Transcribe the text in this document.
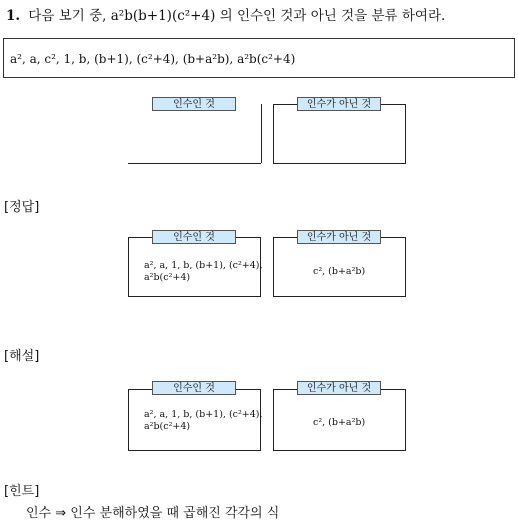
1. 다음 보기 중, a²b(b+1)(c²+4) 의 인수인 것과 아닌 것을 분류 하여라.
a², a, c², 1, b, (b+1), (c²+4), (b+a²b), a²b(c²+4)
인수인 것	인수가 아닌 것
[정답]
인수인 것
a², a, 1, b, (b+1), (c²+4),
a²b(c²+4)
인수가 아닌 것
c², (b+a²b)
[해설]
인수인 것
a², a, 1, b, (b+1), (c²+4),
a²b(c²+4)
인수가 아닌 것
c², (b+a²b)
[힌트]
인수 ⇒ 인수 분해하였을 때 곱해진 각각의 식
